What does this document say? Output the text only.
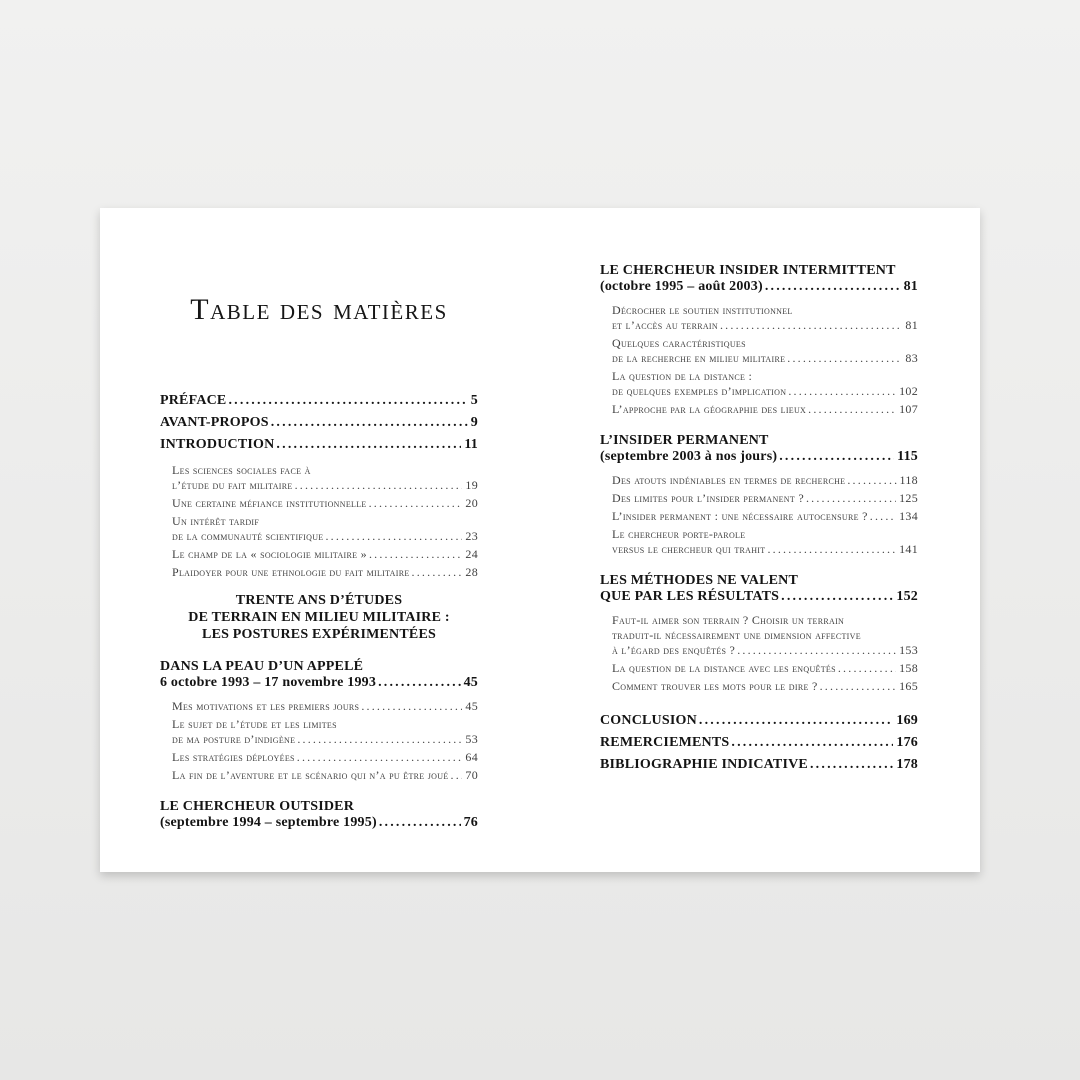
Table des matières
PRÉFACE .....	5
AVANT-PROPOS .....	9
INTRODUCTION .....	11
Les sciences sociales face à
l’étude du fait militaire .....	19
Une certaine méfiance institutionnelle .....	20
Un intérêt tardif
de la communauté scientifique .....	23
Le champ de la « sociologie militaire » .....	24
Plaidoyer pour une ethnologie du fait militaire .....	28
TRENTE ANS D’ÉTUDES
DE TERRAIN EN MILIEU MILITAIRE :
LES POSTURES EXPÉRIMENTÉES
DANS LA PEAU D’UN APPELÉ
6 octobre 1993 – 17 novembre 1993 .....	45
Mes motivations et les premiers jours .....	45
Le sujet de l’étude et les limites
de ma posture d’indigène .....	53
Les stratégies déployées .....	64
La fin de l’aventure et le scénario qui n’a pu être joué ..... 70
LE CHERCHEUR OUTSIDER
(septembre 1994 – septembre 1995) .....	76
LE CHERCHEUR INSIDER INTERMITTENT
(octobre 1995 – août 2003) .....	81
Décrocher le soutien institutionnel
et l’accès au terrain .....	81
Quelques caractéristiques
de la recherche en milieu militaire .....	83
La question de la distance :
de quelques exemples d’implication .....	102
L’approche par la géographie des lieux .....	107
L’INSIDER PERMANENT
(septembre 2003 à nos jours) .....	115
Des atouts indéniables en termes de recherche .....	118
Des limites pour l’insider permanent ? .....	125
L’insider permanent : une nécessaire autocensure ? .....	134
Le chercheur porte-parole
versus le chercheur qui trahit .....	141
LES MÉTHODES NE VALENT
QUE PAR LES RÉSULTATS .....	152
Faut-il aimer son terrain ? Choisir un terrain
traduit-il nécessairement une dimension affective
à l’égard des enquêtés ? .....	153
La question de la distance avec les enquêtés .....	158
Comment trouver les mots pour le dire ? .....	165
CONCLUSION .....	169
REMERCIEMENTS .....	176
BIBLIOGRAPHIE INDICATIVE .....	178
